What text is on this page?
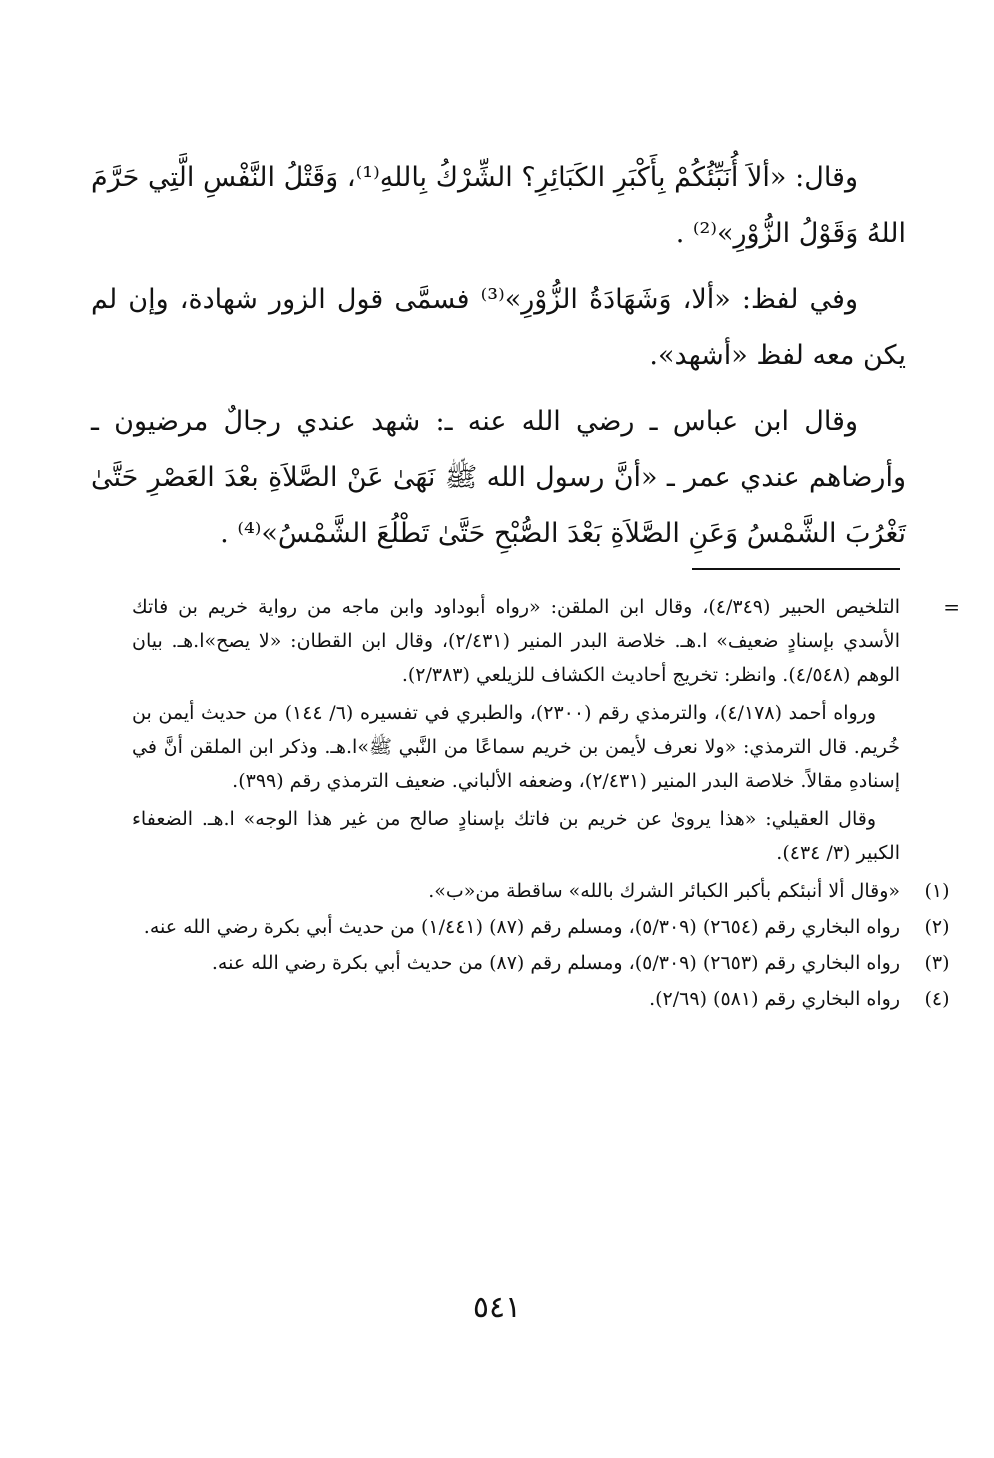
وقال: «ألاَ أُنَبِّئُكُمْ بِأَكْبَرِ الكَبَائِرِ؟ الشِّرْكُ بِاللهِ⁽¹⁾، وَقَتْلُ النَّفْسِ الَّتِي حَرَّمَ اللهُ وَقَوْلُ الزُّوْرِ»⁽²⁾ .

وفي لفظ: «ألا، وَشَهَادَةُ الزُّوْرِ»⁽³⁾ فسمَّى قول الزور شهادة، وإن لم يكن معه لفظ «أشهد».

وقال ابن عباس ـ رضي الله عنه ـ: شهد عندي رجالٌ مرضيون ـ وأرضاهم عندي عمر ـ «أنَّ رسول الله ﷺ نَهَىٰ عَنْ الصَّلاَةِ بعْدَ العَصْرِ حَتَّىٰ تَغْرُبَ الشَّمْسُ وَعَنِ الصَّلاَةِ بَعْدَ الصُّبْحِ حَتَّىٰ تَطْلُعَ الشَّمْسُ»⁽⁴⁾ .

=

التلخيص الحبير (٤/٣٤٩)، وقال ابن الملقن: «رواه أبوداود وابن ماجه من رواية خريم بن فاتك الأسدي بإسنادٍ ضعيف» ا.هـ. خلاصة البدر المنير (٢/٤٣١)، وقال ابن القطان: «لا يصح»ا.هـ. بيان الوهم (٤/٥٤٨). وانظر: تخريج أحاديث الكشاف للزيلعي (٢/٣٨٣).

ورواه أحمد (٤/١٧٨)، والترمذي رقم (٢٣٠٠)، والطبري في تفسيره (٦/ ١٤٤) من حديث أيمن بن خُريم. قال الترمذي: «ولا نعرف لأيمن بن خريم سماعًا من النَّبي ﷺ»ا.هـ. وذكر ابن الملقن أنَّ في إسنادهِ مقالاً. خلاصة البدر المنير (٢/٤٣١)، وضعفه الألباني. ضعيف الترمذي رقم (٣٩٩).

وقال العقيلي: «هذا يرویٰ عن خريم بن فاتك بإسنادٍ صالح من غير هذا الوجه» ا.هـ. الضعفاء الكبير (٣/ ٤٣٤).

(١)
«وقال ألا أنبئكم بأكبر الكبائر الشرك بالله» ساقطة من«ب».
(٢)
رواه البخاري رقم (٢٦٥٤) (٥/٣٠٩)، ومسلم رقم (٨٧) (١/٤٤١) من حديث أبي بكرة رضي الله عنه.
(٣)
رواه البخاري رقم (٢٦٥٣) (٥/٣٠٩)، ومسلم رقم (٨٧) من حديث أبي بكرة رضي الله عنه.
(٤)
رواه البخاري رقم (٥٨١) (٢/٦٩).
٥٤١
